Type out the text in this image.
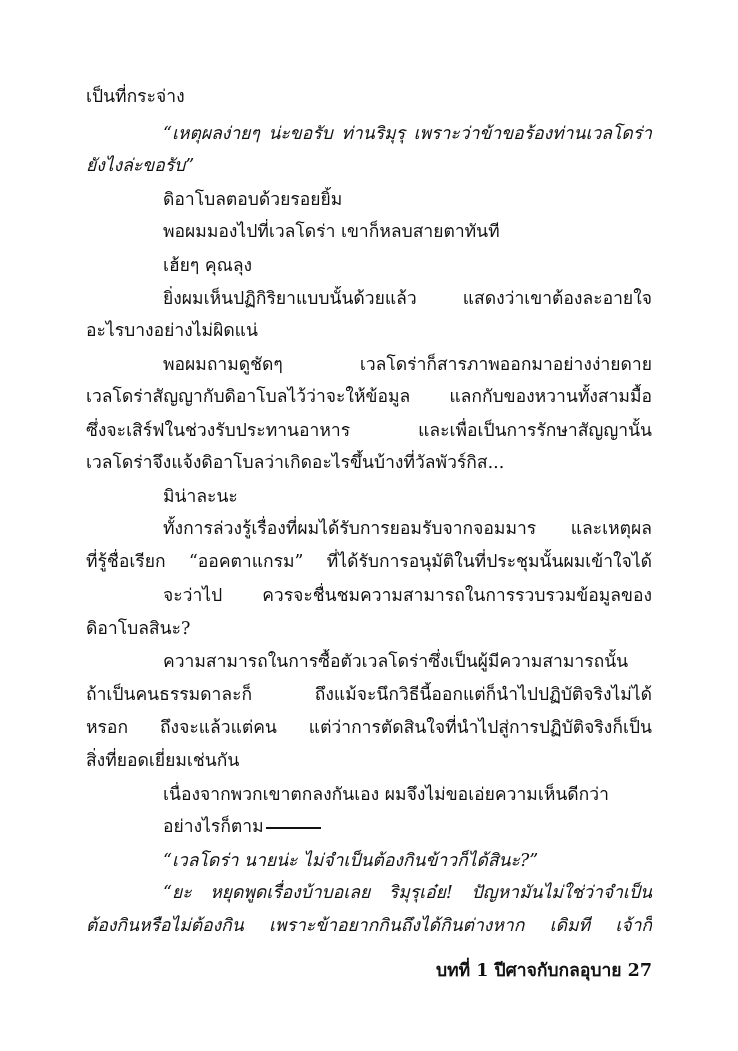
เป็นที่กระจ่าง
“เหตุผลง่ายๆ น่ะขอรับ ท่านริมุรุ เพราะว่าข้าขอร้องท่านเวลโดร่า
ยังไงล่ะขอรับ”
ดิอาโบลตอบด้วยรอยยิ้ม
พอผมมองไปที่เวลโดร่า เขาก็หลบสายตาทันที
เฮ้ยๆ คุณลุง
ยิ่งผมเห็นปฏิกิริยาแบบนั้นด้วยแล้ว แสดงว่าเขาต้องละอายใจ
อะไรบางอย่างไม่ผิดแน่
พอผมถามดูชัดๆ เวลโดร่าก็สารภาพออกมาอย่างง่ายดาย
เวลโดร่าสัญญากับดิอาโบลไว้ว่าจะให้ข้อมูล แลกกับของหวานทั้งสามมื้อ
ซึ่งจะเสิร์ฟในช่วงรับประทานอาหาร และเพื่อเป็นการรักษาสัญญานั้น
เวลโดร่าจึงแจ้งดิอาโบลว่าเกิดอะไรขึ้นบ้างที่วัลพัวร์กิส...
มิน่าละนะ
ทั้งการล่วงรู้เรื่องที่ผมได้รับการยอมรับจากจอมมาร และเหตุผล
ที่รู้ชื่อเรียก “ออคตาแกรม” ที่ได้รับการอนุมัติในที่ประชุมนั้นผมเข้าใจได้
จะว่าไป ควรจะชื่นชมความสามารถในการรวบรวมข้อมูลของ
ดิอาโบลสินะ?
ความสามารถในการซื้อตัวเวลโดร่าซึ่งเป็นผู้มีความสามารถนั้น
ถ้าเป็นคนธรรมดาละก็ ถึงแม้จะนึกวิธีนี้ออกแต่ก็นำไปปฏิบัติจริงไม่ได้
หรอก ถึงจะแล้วแต่คน แต่ว่าการตัดสินใจที่นำไปสู่การปฏิบัติจริงก็เป็น
สิ่งที่ยอดเยี่ยมเช่นกัน
เนื่องจากพวกเขาตกลงกันเอง ผมจึงไม่ขอเอ่ยความเห็นดีกว่า
อย่างไรก็ตาม
“เวลโดร่า นายน่ะ ไม่จำเป็นต้องกินข้าวก็ได้สินะ?”
“ยะ หยุดพูดเรื่องบ้าบอเลย ริมุรุเอ๋ย! ปัญหามันไม่ใช่ว่าจำเป็น
ต้องกินหรือไม่ต้องกิน เพราะข้าอยากกินถึงได้กินต่างหาก เดิมที เจ้าก็
บทที่ 1 ปีศาจกับกลอุบาย 27
